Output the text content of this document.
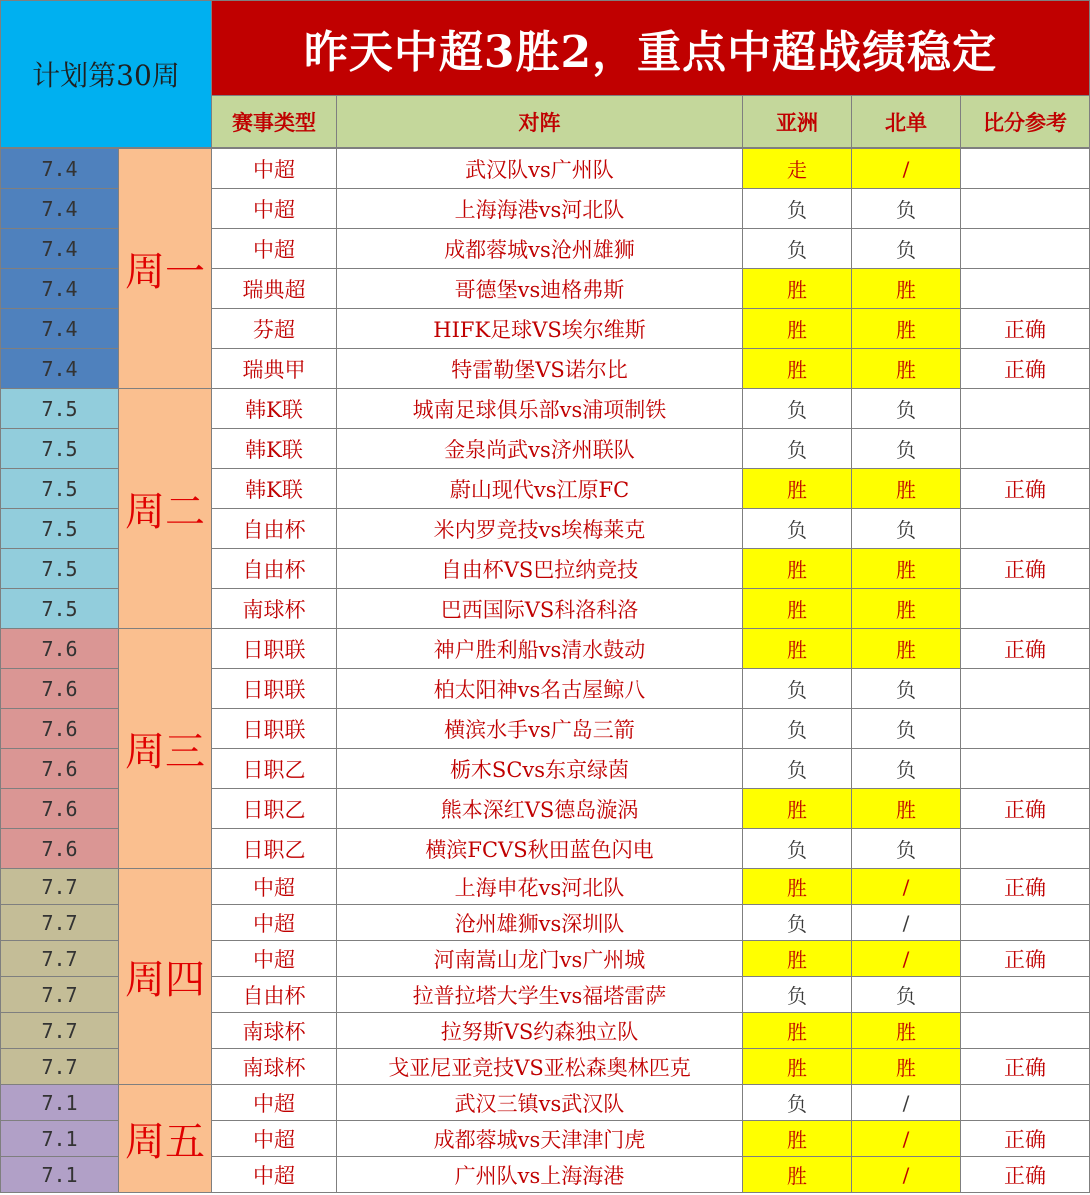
计划第30周	昨天中超3胜2，重点中超战绩稳定
赛事类型	对阵	亚洲	北单	比分参考
7.4	中超	武汉队vs广州队	走	/
7.4	中超	上海海港vs河北队	负	负
7.4	中超	成都蓉城vs沧州雄狮	负	负
7.4	瑞典超	哥德堡vs迪格弗斯	胜	胜
7.4	芬超	HIFK足球VS埃尔维斯	胜	胜	正确
7.4	瑞典甲	特雷勒堡VS诺尔比	胜	胜	正确
周一
7.5	韩K联	城南足球俱乐部vs浦项制铁	负	负
7.5	韩K联	金泉尚武vs济州联队	负	负
7.5	韩K联	蔚山现代vs江原FC	胜	胜	正确
7.5	自由杯	米内罗竞技vs埃梅莱克	负	负
7.5	自由杯	自由杯VS巴拉纳竞技	胜	胜	正确
7.5	南球杯	巴西国际VS科洛科洛	胜	胜
周二
7.6	日职联	神户胜利船vs清水鼓动	胜	胜	正确
7.6	日职联	柏太阳神vs名古屋鲸八	负	负
7.6	日职联	横滨水手vs广岛三箭	负	负
7.6	日职乙	栃木SCvs东京绿茵	负	负
7.6	日职乙	熊本深红VS德岛漩涡	胜	胜	正确
7.6	日职乙	横滨FCVS秋田蓝色闪电	负	负
周三
7.7	中超	上海申花vs河北队	胜	/	正确
7.7	中超	沧州雄狮vs深圳队	负	/
7.7	中超	河南嵩山龙门vs广州城	胜	/	正确
7.7	自由杯	拉普拉塔大学生vs福塔雷萨	负	负
7.7	南球杯	拉努斯VS约森独立队	胜	胜
7.7	南球杯	戈亚尼亚竞技VS亚松森奥林匹克	胜	胜	正确
周四
7.1	中超	武汉三镇vs武汉队	负	/
7.1	中超	成都蓉城vs天津津门虎	胜	/	正确
7.1	中超	广州队vs上海海港	胜	/	正确
周五
